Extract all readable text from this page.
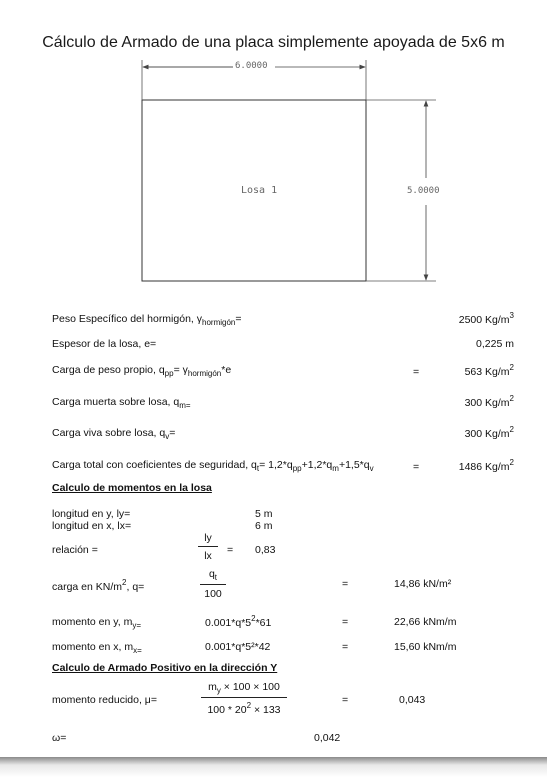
Cálculo de Armado de una placa simplemente apoyada de 5x6 m
6.0000
5.0000
Losa 1
Peso Específico del hormigón, $\gamma_{hormigón}=$	2500 $Kg/m^3$
Espesor de la losa, e=	0,225 m
Carga de peso propio, $q_{pp}= \gamma_{hormigón}*e$	=	563 $Kg/m^2$
Carga muerta sobre losa, $q_{m=}$	300 $Kg/m^2$
Carga viva sobre losa, $q_v=$	300 $Kg/m^2$
Carga total con coeficientes de seguridad, $q_t= 1,2*q_{pp}+1,2*q_m+1,5*q_v$	=	1486 $Kg/m^2$
Calculo de momentos en la losa
longitud en y, ly=	5 m
longitud en x, lx=	6 m
relación =	$\frac{ly}{lx} = 0,83$
carga en $KN/m^2$, q=	$\frac{q_t}{100}$	=	14,86 kN/m²
momento en y, $m_{y=}$	$0.001*q*5^2*61$	=	22,66 kNm/m
momento en x, $m_{x=}$	0.001*q*5²*42	=	15,60 kNm/m
Calculo de Armado Positivo en la dirección Y
momento reducido, μ=	$\frac{m_y \times 100 \times 100}{100 * 20^2 \times 133}$	=	0,043
ω=	0,042
